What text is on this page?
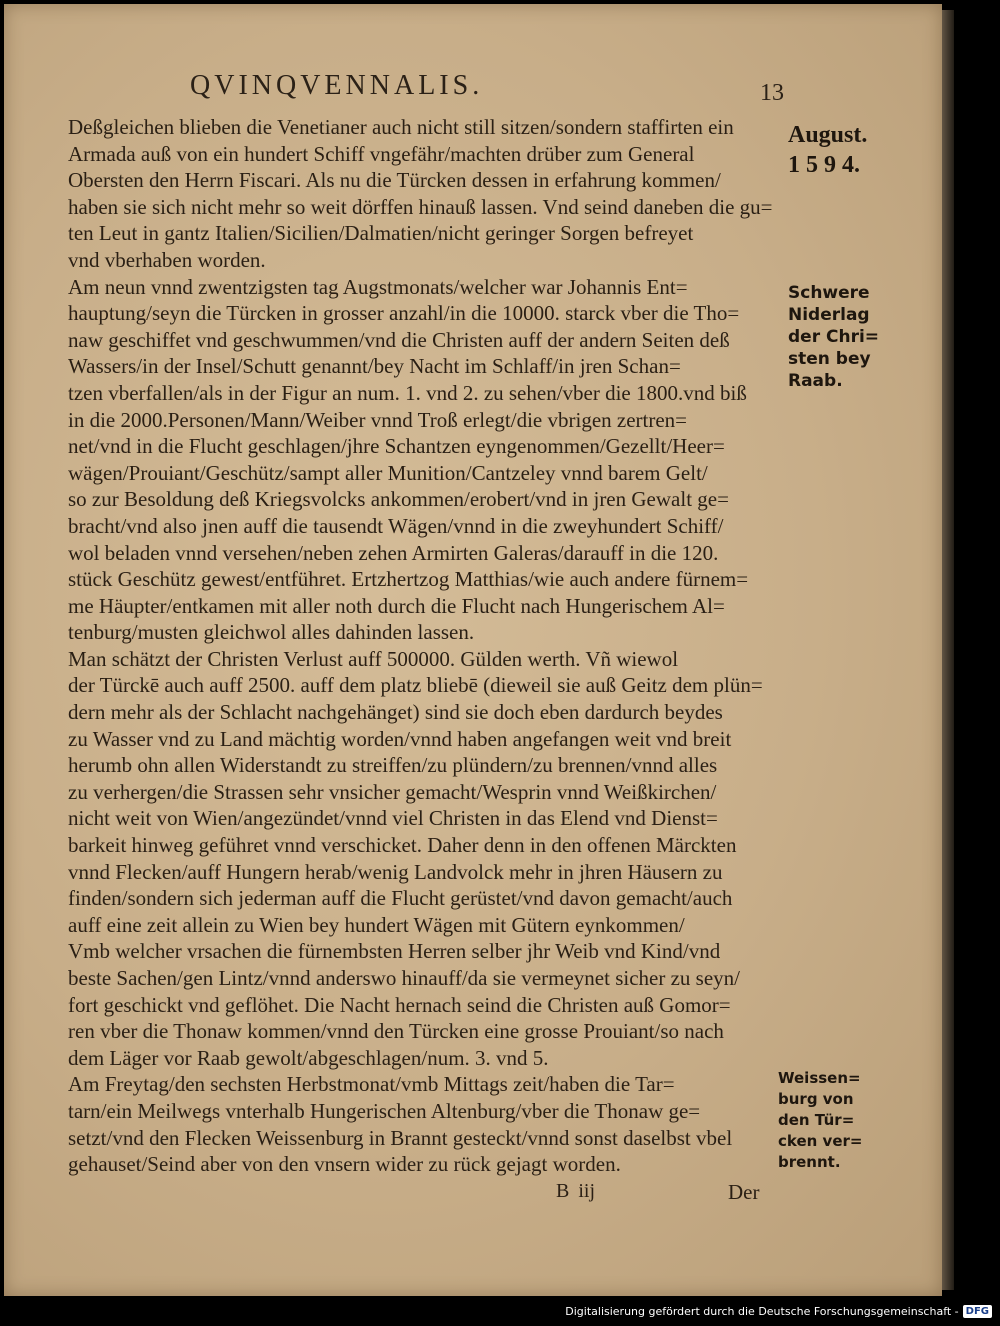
QVINQVENNALIS.	13
Deßgleichen blieben die Venetianer auch nicht still sitzen/sondern staffirten ein
Armada auß von ein hundert Schiff vngefähr/machten drüber zum General
Obersten den Herrn Fiscari. Als nu die Türcken dessen in erfahrung kommen/
haben sie sich nicht mehr so weit dörffen hinauß lassen. Vnd seind daneben die gu=
ten Leut in gantz Italien/Sicilien/Dalmatien/nicht geringer Sorgen befreyet
vnd vberhaben worden.
Am neun vnnd zwentzigsten tag Augstmonats/welcher war Johannis Ent=
hauptung/seyn die Türcken in grosser anzahl/in die 10000. starck vber die Tho=
naw geschiffet vnd geschwummen/vnd die Christen auff der andern Seiten deß
Wassers/in der Insel/Schutt genannt/bey Nacht im Schlaff/in jren Schan=
tzen vberfallen/als in der Figur an num. 1. vnd 2. zu sehen/vber die 1800.vnd biß
in die 2000.Personen/Mann/Weiber vnnd Troß erlegt/die vbrigen zertren=
net/vnd in die Flucht geschlagen/jhre Schantzen eyngenommen/Gezellt/Heer=
wägen/Prouiant/Geschütz/sampt aller Munition/Cantzeley vnnd barem Gelt/
so zur Besoldung deß Kriegsvolcks ankommen/erobert/vnd in jren Gewalt ge=
bracht/vnd also jnen auff die tausendt Wägen/vnnd in die zweyhundert Schiff/
wol beladen vnnd versehen/neben zehen Armirten Galeras/darauff in die 120.
stück Geschütz gewest/entführet. Ertzhertzog Matthias/wie auch andere fürnem=
me Häupter/entkamen mit aller noth durch die Flucht nach Hungerischem Al=
tenburg/musten gleichwol alles dahinden lassen.
Man schätzt der Christen Verlust auff 500000. Gülden werth. Vñ wiewol
der Türckē auch auff 2500. auff dem platz bliebē (dieweil sie auß Geitz dem plün=
dern mehr als der Schlacht nachgehänget) sind sie doch eben dardurch beydes
zu Wasser vnd zu Land mächtig worden/vnnd haben angefangen weit vnd breit
herumb ohn allen Widerstandt zu streiffen/zu plündern/zu brennen/vnnd alles
zu verhergen/die Strassen sehr vnsicher gemacht/Wesprin vnnd Weißkirchen/
nicht weit von Wien/angezündet/vnnd viel Christen in das Elend vnd Dienst=
barkeit hinweg geführet vnnd verschicket. Daher denn in den offenen Märckten
vnnd Flecken/auff Hungern herab/wenig Landvolck mehr in jhren Häusern zu
finden/sondern sich jederman auff die Flucht gerüstet/vnd davon gemacht/auch
auff eine zeit allein zu Wien bey hundert Wägen mit Gütern eynkommen/
Vmb welcher vrsachen die fürnembsten Herren selber jhr Weib vnd Kind/vnd
beste Sachen/gen Lintz/vnnd anderswo hinauff/da sie vermeynet sicher zu seyn/
fort geschickt vnd geflöhet. Die Nacht hernach seind die Christen auß Gomor=
ren vber die Thonaw kommen/vnnd den Türcken eine grosse Prouiant/so nach
dem Läger vor Raab gewolt/abgeschlagen/num. 3. vnd 5.
Am Freytag/den sechsten Herbstmonat/vmb Mittags zeit/haben die Tar=
tarn/ein Meilwegs vnterhalb Hungerischen Altenburg/vber die Thonaw ge=
setzt/vnd den Flecken Weissenburg in Brannt gesteckt/vnnd sonst daselbst vbel
gehauset/Seind aber von den vnsern wider zu rück gejagt worden.
August.
1 5 9 4.
Schwere
Niderlag
der Chri=
sten bey
Raab.
Weissen=
burg von
den Tür=
cken ver=
brennt.
B iij	Der
Digitalisierung gefördert durch die Deutsche Forschungsgemeinschaft - DFG
